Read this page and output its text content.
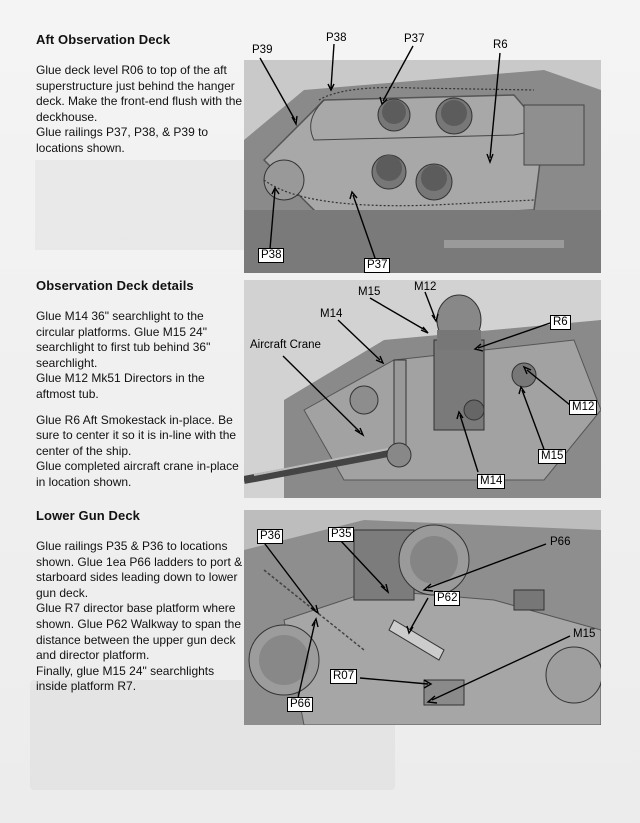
Aft Observation Deck

Glue deck level R06 to top of the aft superstructure just behind the hanger deck. Make the front-end flush with the deckhouse.

Glue railings P37, P38, & P39 to locations shown.

Observation Deck details

Glue M14 36" searchlight to the circular platforms. Glue M15 24" searchlight to first tub behind 36" searchlight.

Glue M12 Mk51 Directors in the aftmost tub.

Glue R6 Aft Smokestack in-place. Be sure to center it so it is in-line with the center of the ship.

Glue completed aircraft crane in-place in location shown.

Lower Gun Deck

Glue railings P35 & P36 to locations shown. Glue 1ea P66 ladders to port & starboard sides leading down to lower gun deck.

Glue R7 director base platform where shown. Glue P62 Walkway to span the distance between the upper gun deck and director platform.

Finally, glue M15 24" searchlights inside platform R7.

P38	P37	R6
P39
P38
P37
M15	M12
M14
Aircraft Crane
R6
M12
M15
M14
P36	P35
P66
P62
M15
R07
P66
